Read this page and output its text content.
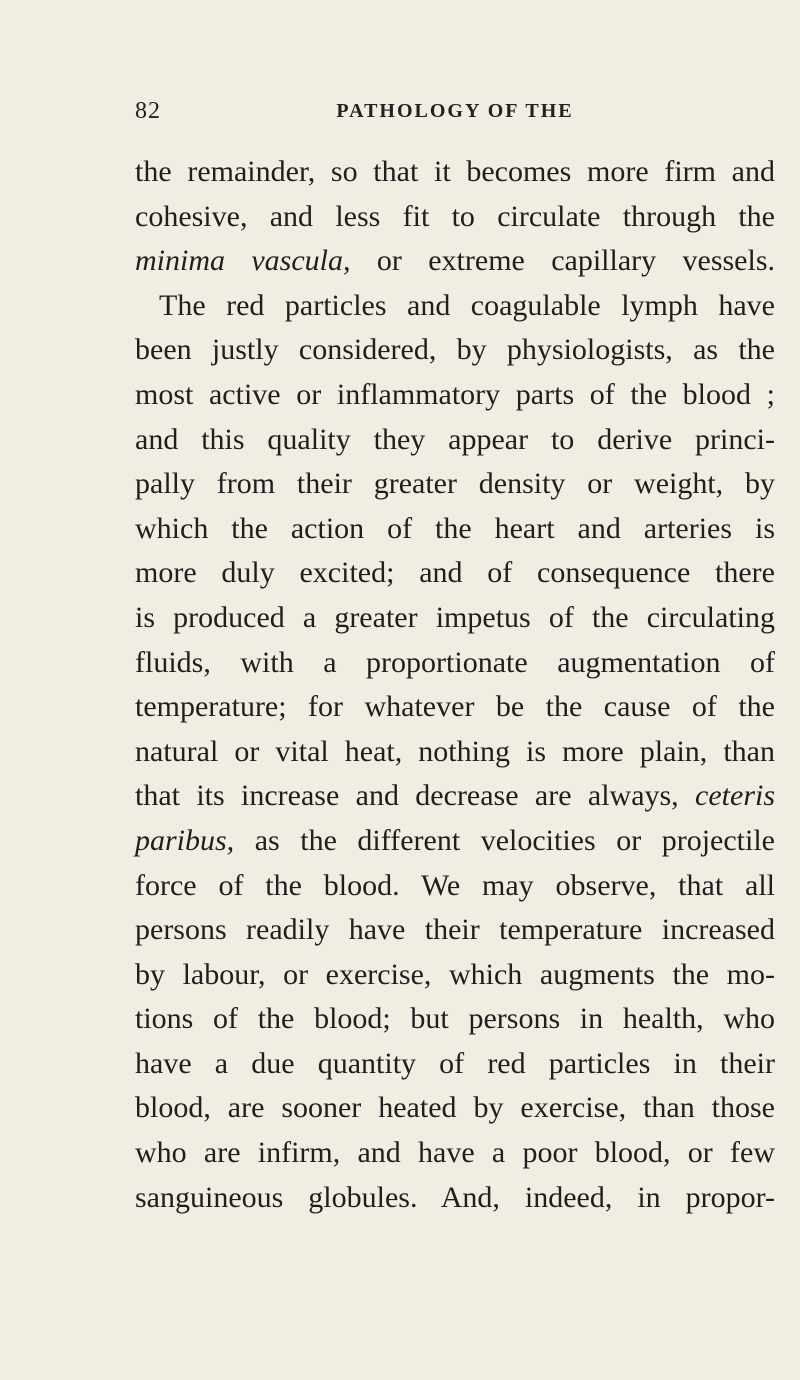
82	PATHOLOGY OF THE
the remainder, so that it becomes more firm and
cohesive, and less fit to circulate through the
minima vascula, or extreme capillary vessels.
The red particles and coagulable lymph have
been justly considered, by physiologists, as the
most active or inflammatory parts of the blood ;
and this quality they appear to derive princi-
pally from their greater density or weight, by
which the action of the heart and arteries is
more duly excited; and of consequence there
is produced a greater impetus of the circulating
fluids, with a proportionate augmentation of
temperature; for whatever be the cause of the
natural or vital heat, nothing is more plain, than
that its increase and decrease are always, ceteris
paribus, as the different velocities or projectile
force of the blood. We may observe, that all
persons readily have their temperature increased
by labour, or exercise, which augments the mo-
tions of the blood; but persons in health, who
have a due quantity of red particles in their
blood, are sooner heated by exercise, than those
who are infirm, and have a poor blood, or few
sanguineous globules. And, indeed, in propor-
